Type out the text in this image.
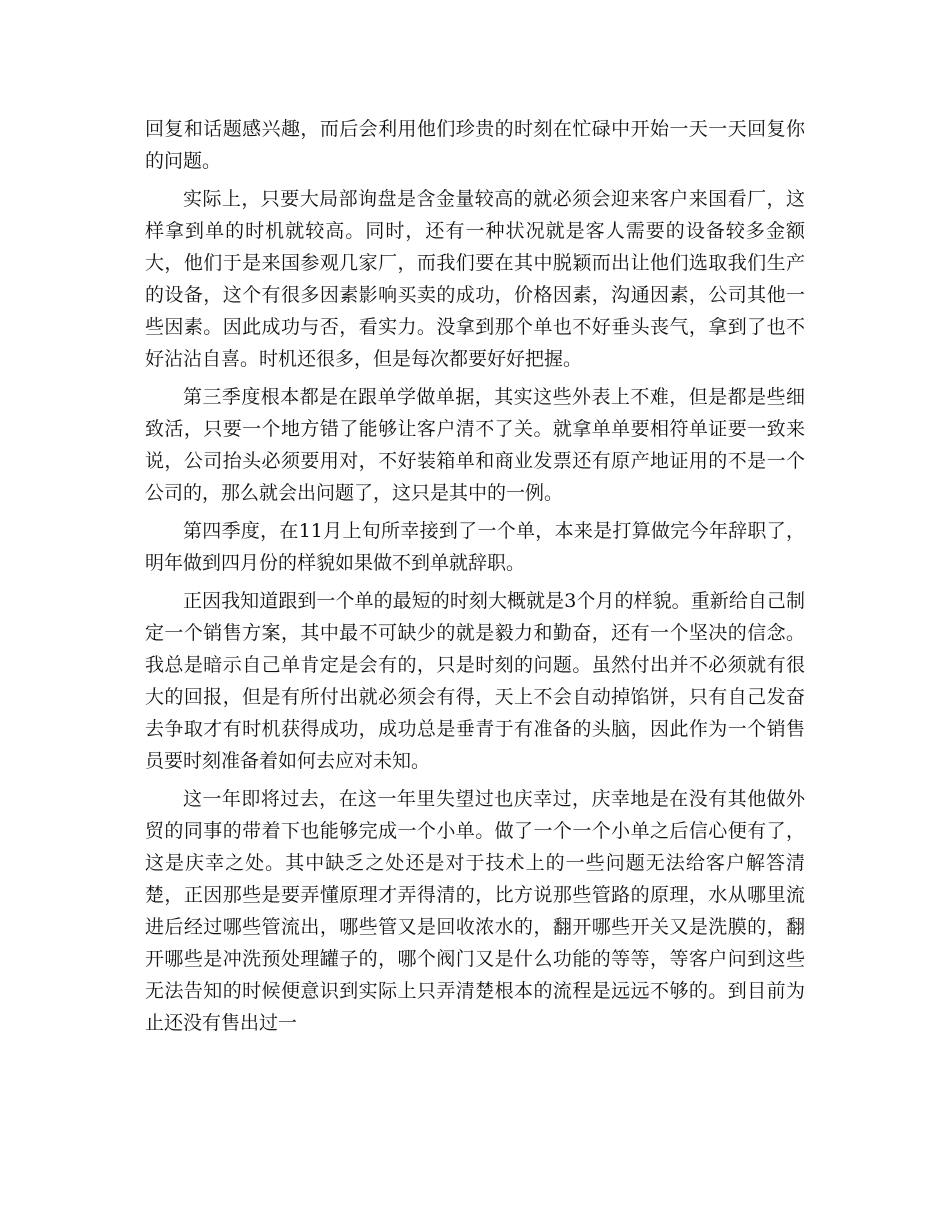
回复和话题感兴趣，而后会利用他们珍贵的时刻在忙碌中开始一天一天回复你的问题。

实际上，只要大局部询盘是含金量较高的就必须会迎来客户来国看厂，这样拿到单的时机就较高。同时，还有一种状况就是客人需要的设备较多金额大，他们于是来国参观几家厂，而我们要在其中脱颖而出让他们选取我们生产的设备，这个有很多因素影响买卖的成功，价格因素，沟通因素，公司其他一些因素。因此成功与否，看实力。没拿到那个单也不好垂头丧气，拿到了也不好沾沾自喜。时机还很多，但是每次都要好好把握。

第三季度根本都是在跟单学做单据，其实这些外表上不难，但是都是些细致活，只要一个地方错了能够让客户清不了关。就拿单单要相符单证要一致来说，公司抬头必须要用对，不好装箱单和商业发票还有原产地证用的不是一个公司的，那么就会出问题了，这只是其中的一例。

第四季度，在11月上旬所幸接到了一个单，本来是打算做完今年辞职了，明年做到四月份的样貌如果做不到单就辞职。

正因我知道跟到一个单的最短的时刻大概就是3个月的样貌。重新给自己制定一个销售方案，其中最不可缺少的就是毅力和勤奋，还有一个坚决的信念。我总是暗示自己单肯定是会有的，只是时刻的问题。虽然付出并不必须就有很大的回报，但是有所付出就必须会有得，天上不会自动掉馅饼，只有自己发奋去争取才有时机获得成功，成功总是垂青于有准备的头脑，因此作为一个销售员要时刻准备着如何去应对未知。

这一年即将过去，在这一年里失望过也庆幸过，庆幸地是在没有其他做外贸的同事的带着下也能够完成一个小单。做了一个一个小单之后信心便有了，这是庆幸之处。其中缺乏之处还是对于技术上的一些问题无法给客户解答清楚，正因那些是要弄懂原理才弄得清的，比方说那些管路的原理，水从哪里流进后经过哪些管流出，哪些管又是回收浓水的，翻开哪些开关又是洗膜的，翻开哪些是冲洗预处理罐子的，哪个阀门又是什么功能的等等，等客户问到这些无法告知的时候便意识到实际上只弄清楚根本的流程是远远不够的。到目前为止还没有售出过一
